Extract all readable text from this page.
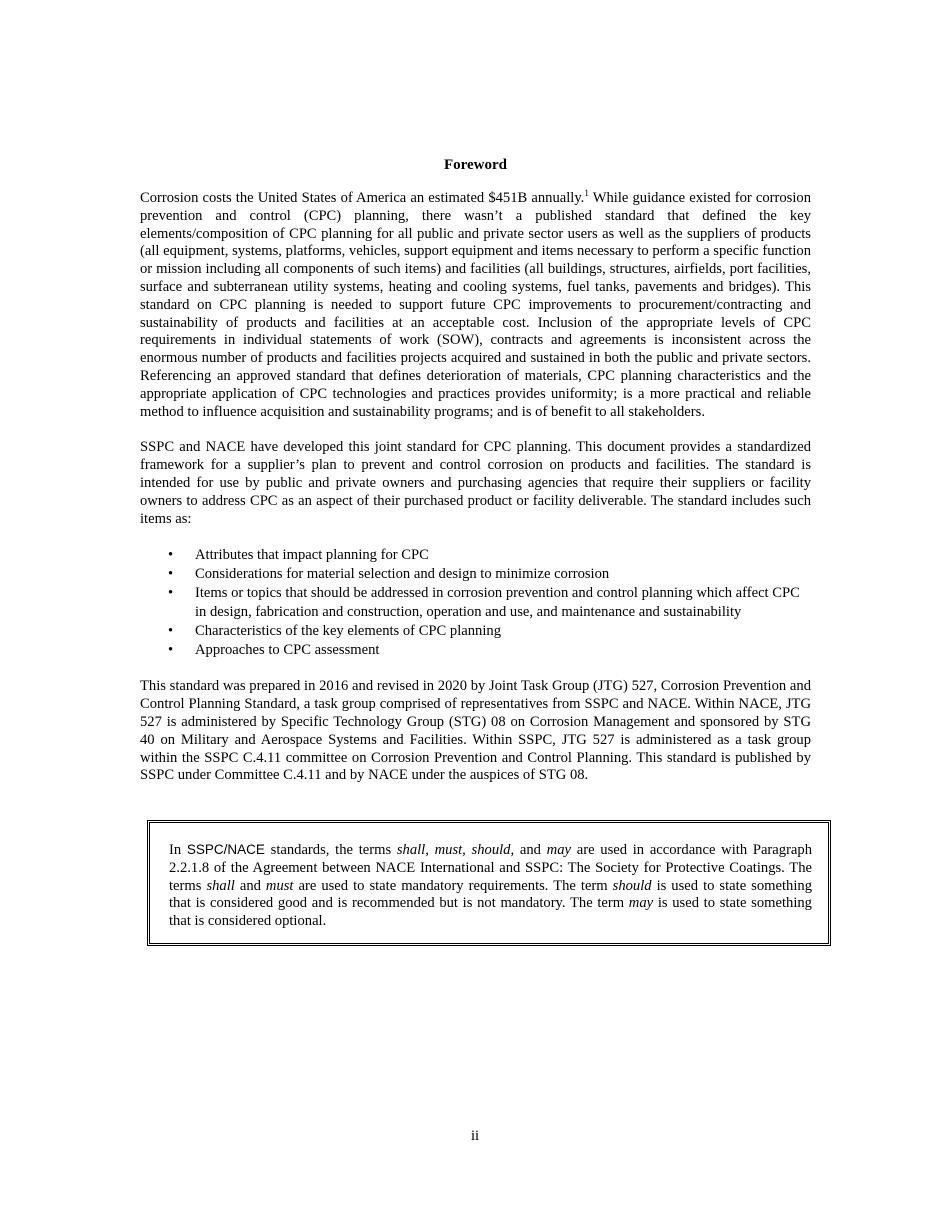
Foreword

Corrosion costs the United States of America an estimated $451B annually.$^1$ While guidance existed for corrosion prevention and control (CPC) planning, there wasn’t a published standard that defined the key elements/composition of CPC planning for all public and private sector users as well as the suppliers of products (all equipment, systems, platforms, vehicles, support equipment and items necessary to perform a specific function or mission including all components of such items) and facilities (all buildings, structures, airfields, port facilities, surface and subterranean utility systems, heating and cooling systems, fuel tanks, pavements and bridges). This standard on CPC planning is needed to support future CPC improvements to procurement/contracting and sustainability of products and facilities at an acceptable cost. Inclusion of the appropriate levels of CPC requirements in individual statements of work (SOW), contracts and agreements is inconsistent across the enormous number of products and facilities projects acquired and sustained in both the public and private sectors. Referencing an approved standard that defines deterioration of materials, CPC planning characteristics and the appropriate application of CPC technologies and practices provides uniformity; is a more practical and reliable method to influence acquisition and sustainability programs; and is of benefit to all stakeholders.

SSPC and NACE have developed this joint standard for CPC planning. This document provides a standardized framework for a supplier’s plan to prevent and control corrosion on products and facilities. The standard is intended for use by public and private owners and purchasing agencies that require their suppliers or facility owners to address CPC as an aspect of their purchased product or facility deliverable. The standard includes such items as:

• Attributes that impact planning for CPC
• Considerations for material selection and design to minimize corrosion
• Items or topics that should be addressed in corrosion prevention and control planning which affect CPC in design, fabrication and construction, operation and use, and maintenance and sustainability
• Characteristics of the key elements of CPC planning
• Approaches to CPC assessment

This standard was prepared in 2016 and revised in 2020 by Joint Task Group (JTG) 527, Corrosion Prevention and Control Planning Standard, a task group comprised of representatives from SSPC and NACE. Within NACE, JTG 527 is administered by Specific Technology Group (STG) 08 on Corrosion Management and sponsored by STG 40 on Military and Aerospace Systems and Facilities. Within SSPC, JTG 527 is administered as a task group within the SSPC C.4.11 committee on Corrosion Prevention and Control Planning. This standard is published by SSPC under Committee C.4.11 and by NACE under the auspices of STG 08.

In SSPC/NACE standards, the terms shall, must, should, and may are used in accordance with Paragraph 2.2.1.8 of the Agreement between NACE International and SSPC: The Society for Protective Coatings. The terms shall and must are used to state mandatory requirements. The term should is used to state something that is considered good and is recommended but is not mandatory. The term may is used to state something that is considered optional.

ii
